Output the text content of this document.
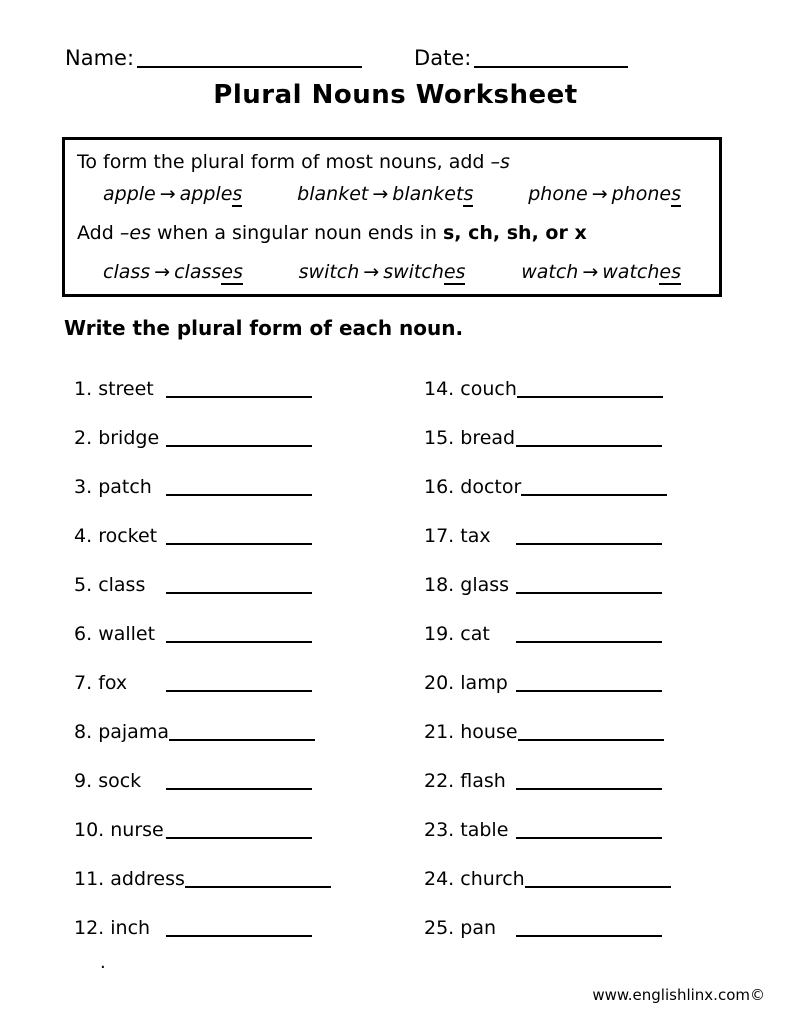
Name:	Date:
Plural Nouns Worksheet
To form the plural form of most nouns, add –s
apple → apples	blanket → blankets	phone → phones
Add –es when a singular noun ends in s, ch, sh, or x
class → classes	switch → switches	watch → watches
Write the plural form of each noun.
1. street
2. bridge
3. patch
4. rocket
5. class
6. wallet
7. fox
8. pajama
9. sock
10. nurse
11. address
12. inch
14. couch
15. bread
16. doctor
17. tax
18. glass
19. cat
20. lamp
21. house
22. flash
23. table
24. church
25. pan
.
www.englishlinx.com©
